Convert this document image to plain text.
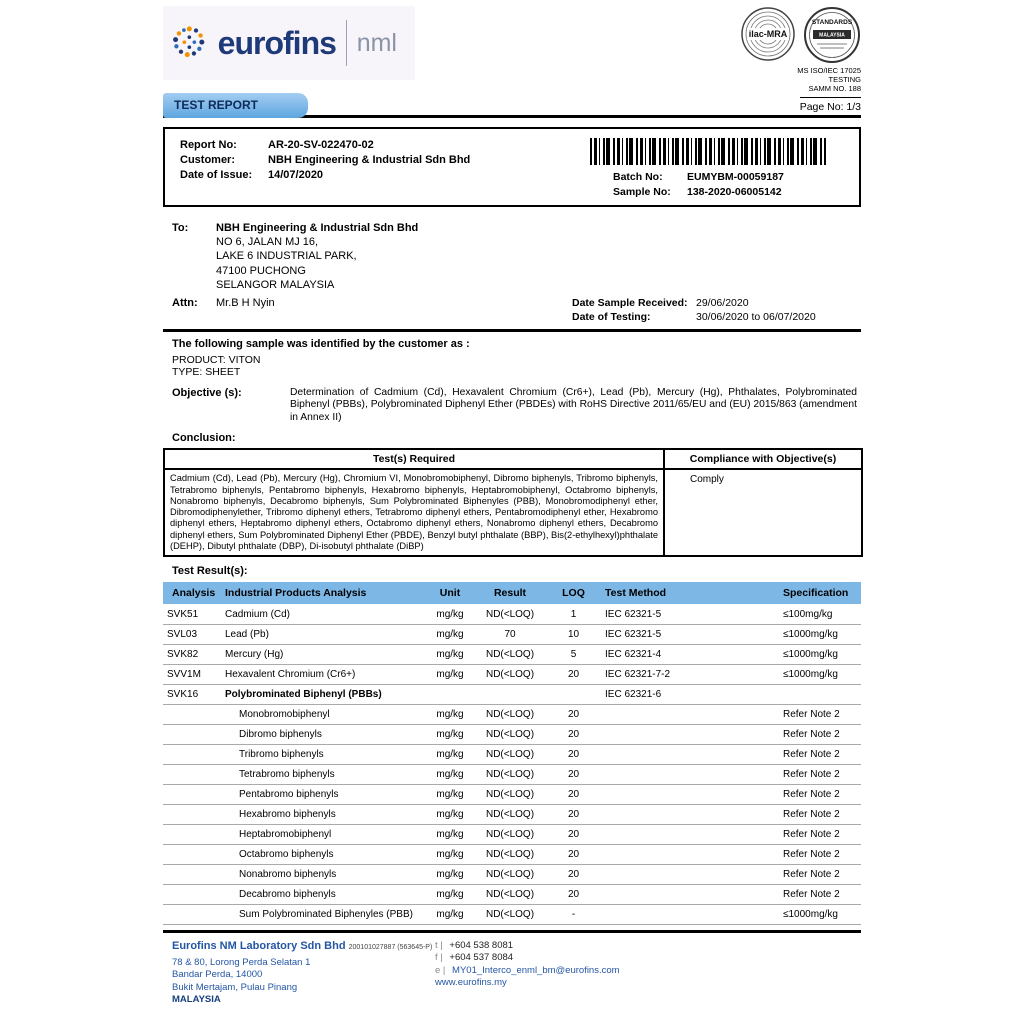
eurofins nml	ilac-MRA
STANDARDS
MALAYSIA
MS ISO/IEC 17025
TESTING
SAMM NO. 188
Page No: 1/3
TEST REPORT
Report No:	AR-20-SV-022470-02
Customer:	NBH Engineering & Industrial Sdn Bhd
Date of Issue:	14/07/2020	Batch No:	EUMYBM-00059187
Sample No:	138-2020-06005142
To:	NBH Engineering & Industrial Sdn Bhd
NO 6, JALAN MJ 16,
LAKE 6 INDUSTRIAL PARK,
47100 PUCHONG
SELANGOR MALAYSIA
Attn:	Mr.B H Nyin	Date Sample Received: 29/06/2020
Date of Testing:	30/06/2020 to 06/07/2020
The following sample was identified by the customer as :
PRODUCT: VITON
TYPE: SHEET
Objective (s):	Determination of Cadmium (Cd), Hexavalent Chromium (Cr6+), Lead (Pb), Mercury (Hg), Phthalates, Polybrominated Biphenyl (PBBs), Polybrominated Diphenyl Ether (PBDEs) with RoHS Directive 2011/65/EU and (EU) 2015/863 (amendment in Annex II)
Conclusion:
Test(s) Required	Compliance with Objective(s)
Cadmium (Cd), Lead (Pb), Mercury (Hg), Chromium VI, Monobromobiphenyl, Dibromo biphenyls, Tribromo biphenyls, Tetrabromo biphenyls, Pentabromo biphenyls, Hexabromo biphenyls, Heptabromobiphenyl, Octabromo biphenyls, Nonabromo biphenyls, Decabromo biphenyls, Sum Polybrominated Biphenyles (PBB), Monobromodiphenyl ether, Dibromodiphenylether, Tribromo diphenyl ethers, Tetrabromo diphenyl ethers, Pentabromodiphenyl ether, Hexabromo diphenyl ethers, Heptabromo diphenyl ethers, Octabromo diphenyl ethers, Nonabromo diphenyl ethers, Decabromo diphenyl ethers, Sum Polybrominated Diphenyl Ether (PBDE), Benzyl butyl phthalate (BBP), Bis(2-ethylhexyl)phthalate (DEHP), Dibutyl phthalate (DBP), Di-isobutyl phthalate (DiBP)	Comply
Test Result(s):
Analysis	Industrial Products Analysis	Unit	Result	LOQ	Test Method	Specification
SVK51	Cadmium (Cd)	mg/kg	ND(<LOQ)	1	IEC 62321-5	≤100mg/kg
SVL03	Lead (Pb)	mg/kg	70	10	IEC 62321-5	≤1000mg/kg
SVK82	Mercury (Hg)	mg/kg	ND(<LOQ)	5	IEC 62321-4	≤1000mg/kg
SVV1M	Hexavalent Chromium (Cr6+)	mg/kg	ND(<LOQ)	20	IEC 62321-7-2	≤1000mg/kg
SVK16	Polybrominated Biphenyl (PBBs)				IEC 62321-6	
	Monobromobiphenyl	mg/kg	ND(<LOQ)	20		Refer Note 2
	Dibromo biphenyls	mg/kg	ND(<LOQ)	20		Refer Note 2
	Tribromo biphenyls	mg/kg	ND(<LOQ)	20		Refer Note 2
	Tetrabromo biphenyls	mg/kg	ND(<LOQ)	20		Refer Note 2
	Pentabromo biphenyls	mg/kg	ND(<LOQ)	20		Refer Note 2
	Hexabromo biphenyls	mg/kg	ND(<LOQ)	20		Refer Note 2
	Heptabromobiphenyl	mg/kg	ND(<LOQ)	20		Refer Note 2
	Octabromo biphenyls	mg/kg	ND(<LOQ)	20		Refer Note 2
	Nonabromo biphenyls	mg/kg	ND(<LOQ)	20		Refer Note 2
	Decabromo biphenyls	mg/kg	ND(<LOQ)	20		Refer Note 2
	Sum Polybrominated Biphenyles (PBB)	mg/kg	ND(<LOQ)	-		≤1000mg/kg
Eurofins NM Laboratory Sdn Bhd 200101027887 (563645-P)
78 & 80, Lorong Perda Selatan 1
Bandar Perda, 14000
Bukit Mertajam, Pulau Pinang
MALAYSIA
t | +604 538 8081
f | +604 537 8084
e | MY01_Interco_enml_bm@eurofins.com
www.eurofins.my
